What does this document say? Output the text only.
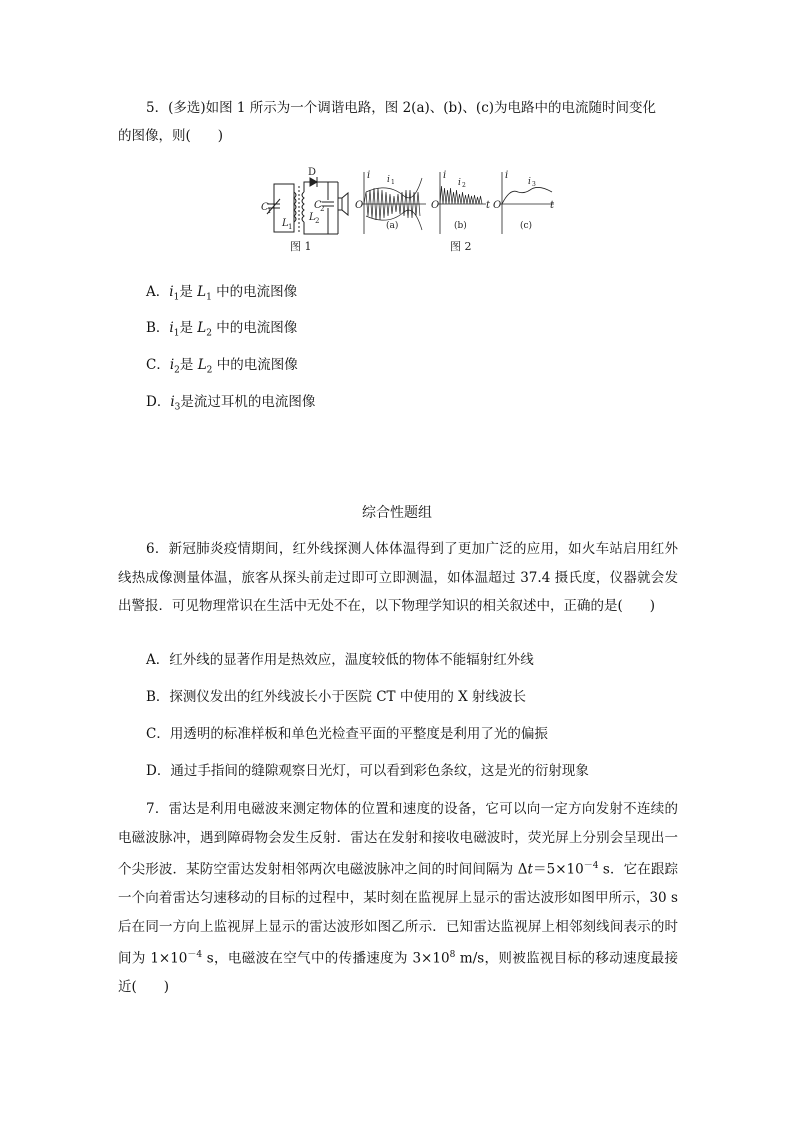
5．(多选)如图 1 所示为一个调谐电路，图 2(a)、(b)、(c)为电路中的电流随时间变化
的图像，则(　　)
D
C
1
L 1
C
2
L 2
图 1
O
i i 1
(a)
O
i
i 2
t
(b)
O
i
i 3
t
(c)
图 2
A．$i_1$是 $L_1$ 中的电流图像
B．$i_1$是 $L_2$ 中的电流图像
C．$i_2$是 $L_2$ 中的电流图像
D．$i_3$是流过耳机的电流图像
综合性题组
6．新冠肺炎疫情期间，红外线探测人体体温得到了更加广泛的应用，如火车站启用红外线热成像测量体温，旅客从探头前走过即可立即测温，如体温超过 37.4 摄氏度，仪器就会发出警报．可见物理常识在生活中无处不在，以下物理学知识的相关叙述中，正确的是(　　)
A．红外线的显著作用是热效应，温度较低的物体不能辐射红外线
B．探测仪发出的红外线波长小于医院 CT 中使用的 X 射线波长
C．用透明的标准样板和单色光检查平面的平整度是利用了光的偏振
D．通过手指间的缝隙观察日光灯，可以看到彩色条纹，这是光的衍射现象
7．雷达是利用电磁波来测定物体的位置和速度的设备，它可以向一定方向发射不连续的电磁波脉冲，遇到障碍物会发生反射．雷达在发射和接收电磁波时，荧光屏上分别会呈现出一个尖形波．某防空雷达发射相邻两次电磁波脉冲之间的时间间隔为 $\Delta t=5\times 10^{-4}$ s．它在跟踪一个向着雷达匀速移动的目标的过程中，某时刻在监视屏上显示的雷达波形如图甲所示，30 s 后在同一方向上监视屏上显示的雷达波形如图乙所示．已知雷达监视屏上相邻刻线间表示的时间为 $1\times 10^{-4}$ s，电磁波在空气中的传播速度为 $3\times 10^8$ m/s，则被监视目标的移动速度最接近(　　)
